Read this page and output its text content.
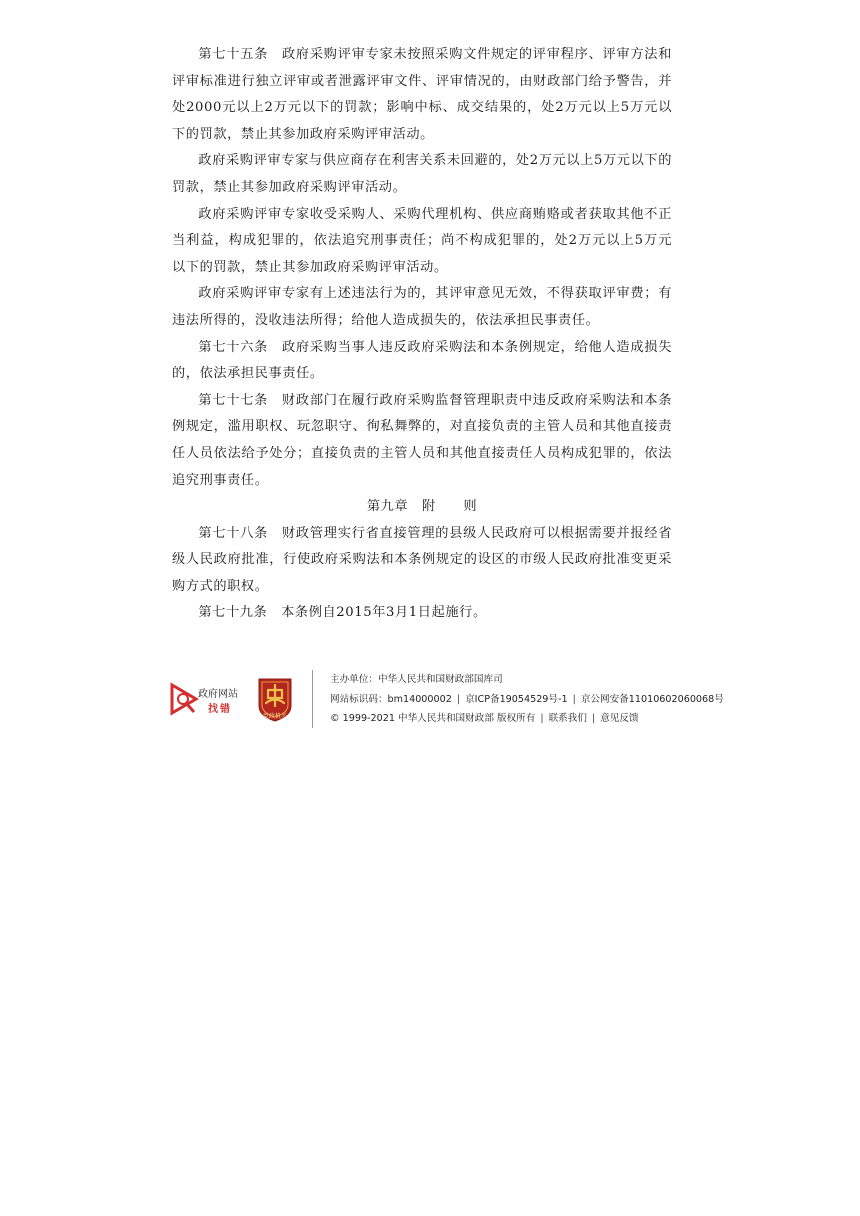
第七十五条　 政府采购评审专家未按照采购文件规定的评审程序、评审方法和评审标准进行独立评审或者泄露评审文件、评审情况的，由财政部门给予警告，并处2000元以上2万元以下的罚款；影响中标、成交结果的，处2万元以上5万元以下的罚款，禁止其参加政府采购评审活动。

政府采购评审专家与供应商存在利害关系未回避的，处2万元以上5万元以下的罚款，禁止其参加政府采购评审活动。

政府采购评审专家收受采购人、采购代理机构、供应商贿赂或者获取其他不正当利益，构成犯罪的，依法追究刑事责任；尚不构成犯罪的，处2万元以上5万元以下的罚款，禁止其参加政府采购评审活动。

政府采购评审专家有上述违法行为的，其评审意见无效，不得获取评审费；有违法所得的，没收违法所得；给他人造成损失的，依法承担民事责任。

第七十六条　 政府采购当事人违反政府采购法和本条例规定，给他人造成损失的，依法承担民事责任。

第七十七条　 财政部门在履行政府采购监督管理职责中违反政府采购法和本条例规定，滥用职权、玩忽职守、徇私舞弊的，对直接负责的主管人员和其他直接责任人员依法给予处分；直接负责的主管人员和其他直接责任人员构成犯罪的，依法追究刑事责任。

第九章　附　　则

第七十八条　 财政管理实行省直接管理的县级人民政府可以根据需要并报经省级人民政府批准，行使政府采购法和本条例规定的设区的市级人民政府批准变更采购方式的职权。

第七十九条　 本条例自2015年3月1日起施行。

政府网站
找错
党政机关
主办单位：中华人民共和国财政部国库司
网站标识码：bm14000002 | 京ICP备19054529号-1 | 京公网安备11010602060068号
© 1999-2021 中华人民共和国财政部 版权所有 | 联系我们 | 意见反馈
